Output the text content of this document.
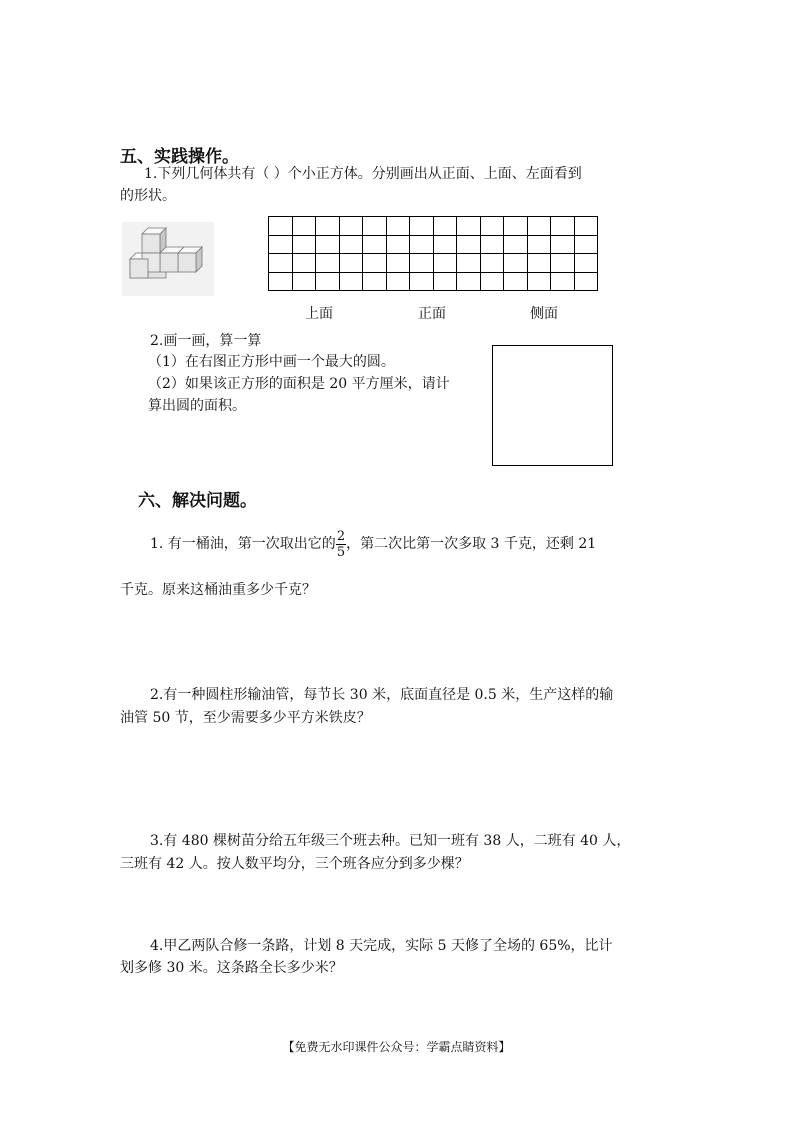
五、实践操作。
1.下列几何体共有（ ）个小正方体。分别画出从正面、上面、左面看到
的形状。

上面	正面	侧面
2.画一画，算一算
（1）在右图正方形中画一个最大的圆。
（2）如果该正方形的面积是 20 平方厘米，请计
算出圆的面积。
六、解决问题。
1. 有一桶油，第一次取出它的 $\frac{2}{5}$ ，第二次比第一次多取 3 千克，还剩 21
千克。原来这桶油重多少千克？
2.有一种圆柱形输油管，每节长 30 米，底面直径是 0.5 米，生产这样的输
油管 50 节，至少需要多少平方米铁皮？
3.有 480 棵树苗分给五年级三个班去种。已知一班有 38 人，二班有 40 人，
三班有 42 人。按人数平均分，三个班各应分到多少棵？
4.甲乙两队合修一条路，计划 8 天完成，实际 5 天修了全场的 65%，比计
划多修 30 米。这条路全长多少米？
【免费无水印课件公众号：学霸点睛资料】
